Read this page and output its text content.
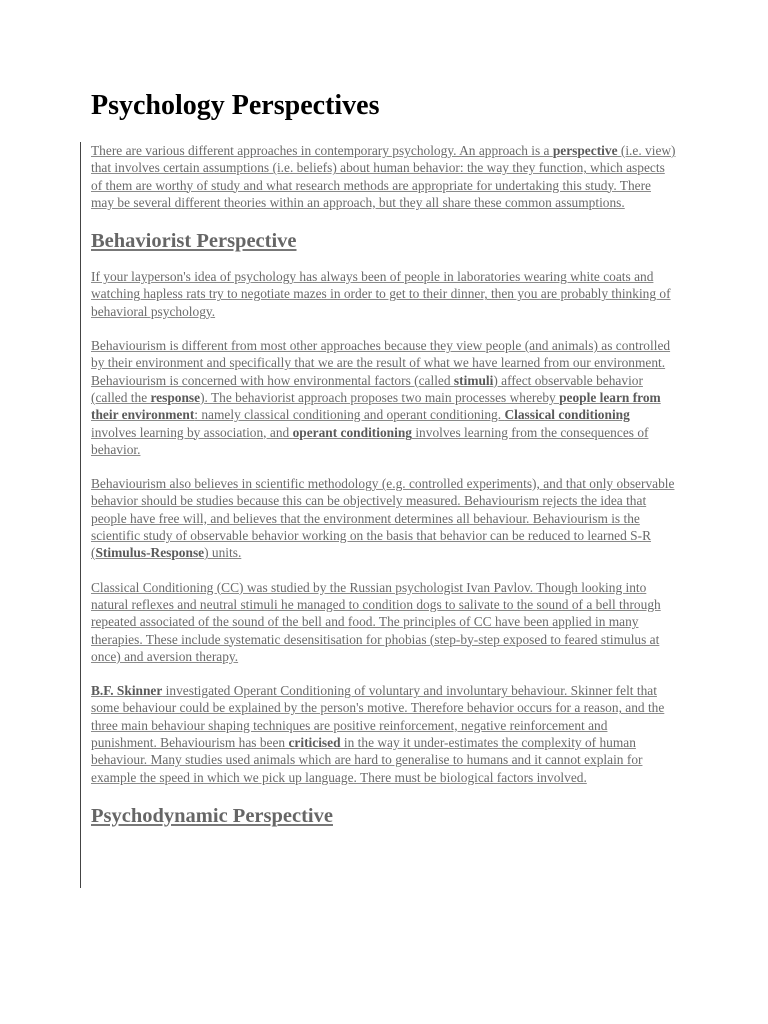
Psychology Perspectives

There are various different approaches in contemporary psychology. An approach is a perspective (i.e. view) that involves certain assumptions (i.e. beliefs) about human behavior: the way they function, which aspects of them are worthy of study and what research methods are appropriate for undertaking this study. There may be several different theories within an approach, but they all share these common assumptions.

Behaviorist Perspective

If your layperson's idea of psychology has always been of people in laboratories wearing white coats and watching hapless rats try to negotiate mazes in order to get to their dinner, then you are probably thinking of behavioral psychology.

Behaviourism is different from most other approaches because they view people (and animals) as controlled by their environment and specifically that we are the result of what we have learned from our environment. Behaviourism is concerned with how environmental factors (called stimuli) affect observable behavior (called the response). The behaviorist approach proposes two main processes whereby people learn from their environment: namely classical conditioning and operant conditioning. Classical conditioning involves learning by association, and operant conditioning involves learning from the consequences of behavior.

Behaviourism also believes in scientific methodology (e.g. controlled experiments), and that only observable behavior should be studies because this can be objectively measured. Behaviourism rejects the idea that people have free will, and believes that the environment determines all behaviour. Behaviourism is the scientific study of observable behavior working on the basis that behavior can be reduced to learned S-R (Stimulus-Response) units.

Classical Conditioning (CC) was studied by the Russian psychologist Ivan Pavlov. Though looking into natural reflexes and neutral stimuli he managed to condition dogs to salivate to the sound of a bell through repeated associated of the sound of the bell and food. The principles of CC have been applied in many therapies. These include systematic desensitisation for phobias (step-by-step exposed to feared stimulus at once) and aversion therapy.

B.F. Skinner investigated Operant Conditioning of voluntary and involuntary behaviour. Skinner felt that some behaviour could be explained by the person's motive. Therefore behavior occurs for a reason, and the three main behaviour shaping techniques are positive reinforcement, negative reinforcement and punishment. Behaviourism has been criticised in the way it under-estimates the complexity of human behaviour. Many studies used animals which are hard to generalise to humans and it cannot explain for example the speed in which we pick up language. There must be biological factors involved.

Psychodynamic Perspective
